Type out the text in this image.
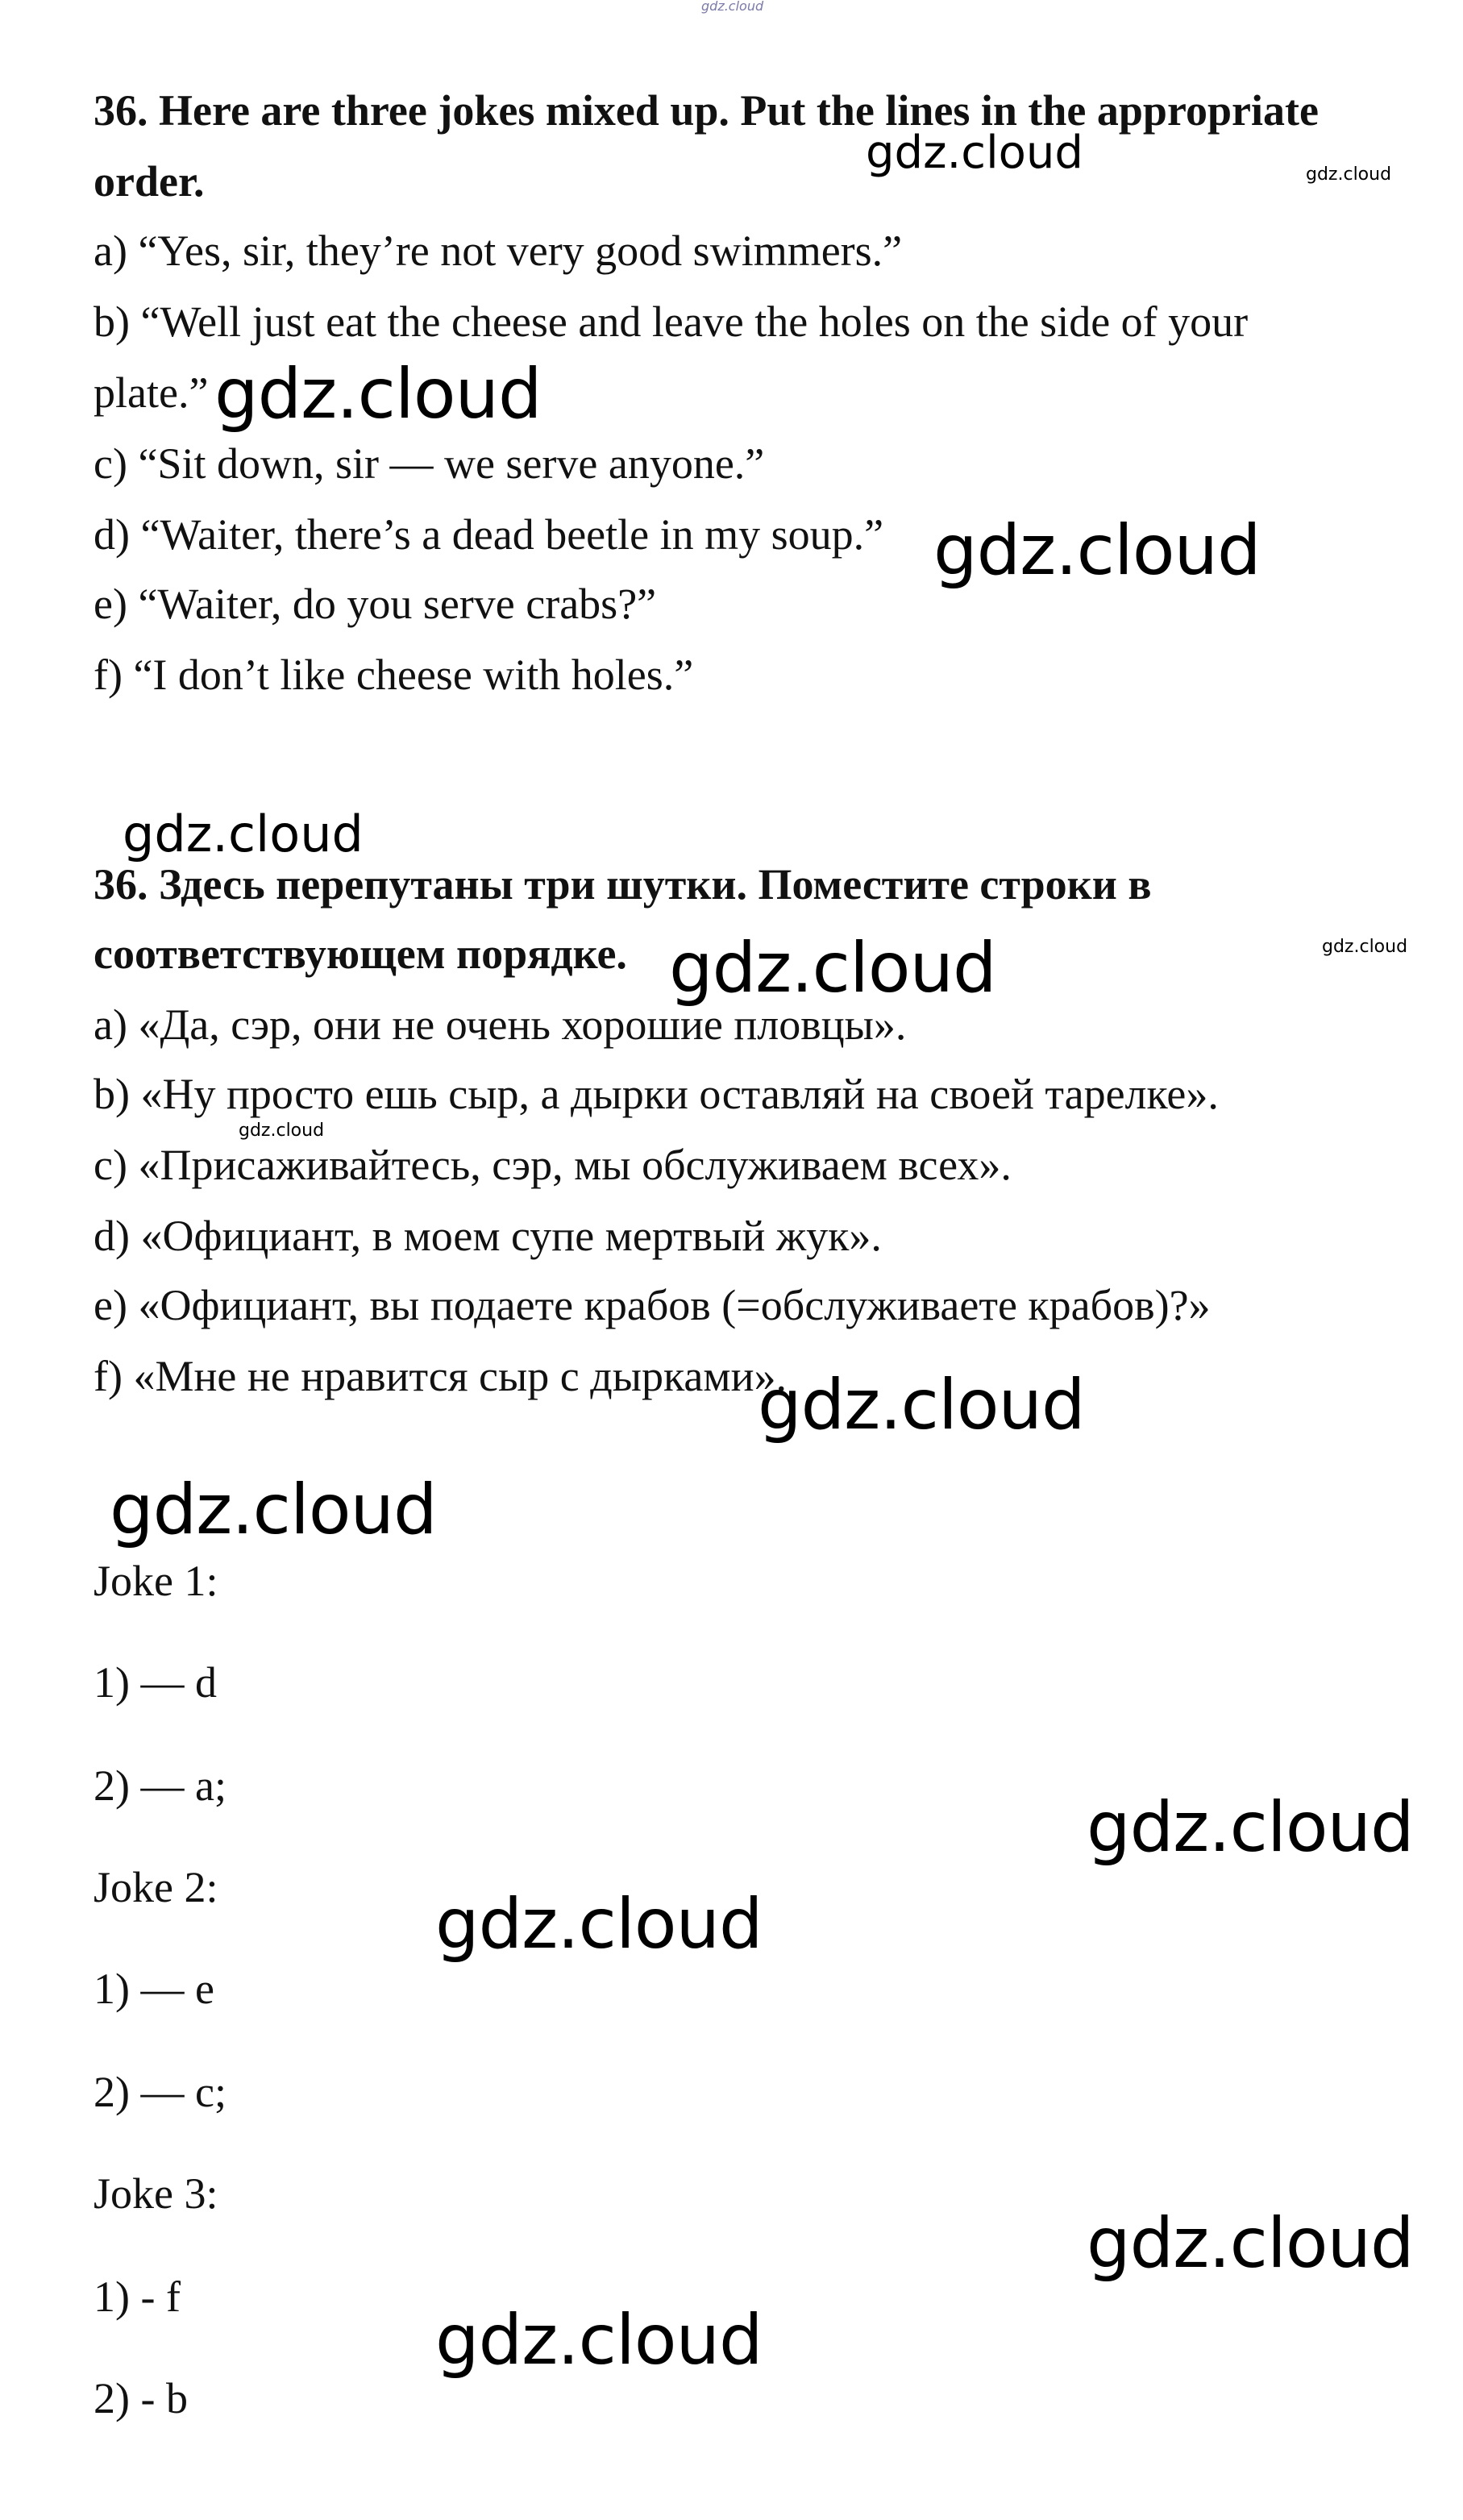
gdz.cloud
36. Here are three jokes mixed up. Put the lines in the appropriate
order.
a) “Yes, sir, they’re not very good swimmers.”
b) “Well just eat the cheese and leave the holes on the side of your
plate.”
c) “Sit down, sir — we serve anyone.”
d) “Waiter, there’s a dead beetle in my soup.”
e) “Waiter, do you serve crabs?”
f) “I don’t like cheese with holes.”
36. Здесь перепутаны три шутки. Поместите строки в
соответствующем порядке.
a) «Да, сэр, они не очень хорошие пловцы».
b) «Ну просто ешь сыр, а дырки оставляй на своей тарелке».
c) «Присаживайтесь, сэр, мы обслуживаем всех».
d) «Официант, в моем супе мертвый жук».
e) «Официант, вы подаете крабов (=обслуживаете крабов)?»
f) «Мне не нравится сыр с дырками».
Joke 1:
1) — d
2) — a;
Joke 2:
1) — e
2) — c;
Joke 3:
1) - f
2) - b
gdz.cloud	gdz.cloud
gdz.cloud
gdz.cloud
gdz.cloud
gdz.cloud
gdz.cloud
gdz.cloud
gdz.cloud
gdz.cloud
gdz.cloud
gdz.cloud
gdz.cloud
gdz.cloud
